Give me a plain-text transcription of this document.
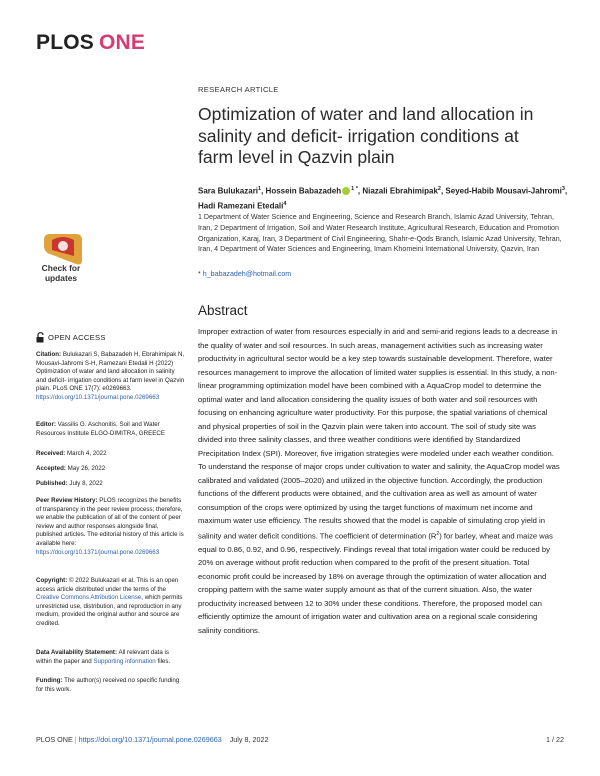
PLOS ONE
RESEARCH ARTICLE
Optimization of water and land allocation in salinity and deficit- irrigation conditions at farm level in Qazvin plain
Sara Bulukazari$^1$, Hossein Babazadeh $^{1 *}$, Niazali Ebrahimipak$^2$, Seyed-Habib Mousavi-Jahromi$^3$, Hadi Ramezani Etedali$^4$
1 Department of Water Science and Engineering, Science and Research Branch, Islamic Azad University, Tehran, Iran, 2 Department of Irrigation, Soil and Water Research Institute, Agricultural Research, Education and Promotion Organization, Karaj, Iran, 3 Department of Civil Engineering, Shahr-e-Qods Branch, Islamic Azad University, Tehran, Iran, 4 Department of Water Sciences and Engineering, Imam Khomeini International University, Qazvin, Iran
* h_babazadeh@hotmail.com
Check for
updates
OPEN ACCESS
Citation: Bulukazari S, Babazadeh H, Ebrahimipak N, Mousavi-Jahromi S-H, Ramezani Etedali H (2022) Optimization of water and land allocation in salinity and deficit- irrigation conditions at farm level in Qazvin plain. PLoS ONE 17(7): e0269663.
https://doi.org/10.1371/journal.pone.0269663
Editor: Vassilis G. Aschonitis, Soil and Water Resources Institute ELGO-DIMITRA, GREECE
Received: March 4, 2022
Accepted: May 26, 2022
Published: July 8, 2022
Peer Review History: PLOS recognizes the benefits of transparency in the peer review process; therefore, we enable the publication of all of the content of peer review and author responses alongside final, published articles. The editorial history of this article is available here:
https://doi.org/10.1371/journal.pone.0269663
Copyright: © 2022 Bulukazari et al. This is an open access article distributed under the terms of the Creative Commons Attribution License, which permits unrestricted use, distribution, and reproduction in any medium, provided the original author and source are credited.
Data Availability Statement: All relevant data is within the paper and Supporting information files.
Funding: The author(s) received no specific funding for this work.
Abstract
Improper extraction of water from resources especially in arid and semi-arid regions leads to a decrease in the quality of water and soil resources. In such areas, management activities such as increasing water productivity in agricultural sector would be a key step towards sustainable development. Therefore, water resources management to improve the allocation of limited water supplies is essential. In this study, a non-linear programming optimization model have been combined with a AquaCrop model to determine the optimal water and land allocation considering the quality issues of both water and soil resources with focusing on enhancing agriculture water productivity. For this purpose, the spatial variations of chemical and physical properties of soil in the Qazvin plain were taken into account. The soil of study site was divided into three salinity classes, and three weather conditions were identified by Standardized Precipitation Index (SPI). Moreover, five irrigation strategies were modeled under each weather condition. To understand the response of major crops under cultivation to water and salinity, the AquaCrop model was calibrated and validated (2005–2020) and utilized in the objective function. Accordingly, the production functions of the different products were obtained, and the cultivation area as well as amount of water consumption of the crops were optimized by using the target functions of maximum net income and maximum water use efficiency. The results showed that the model is capable of simulating crop yield in salinity and water deficit conditions. The coefficient of determination $(R^2)$ for barley, wheat and maize was equal to 0.86, 0.92, and 0.96, respectively. Findings reveal that total irrigation water could be reduced by 20% on average without profit reduction when compared to the profit of the present situation. Total economic profit could be increased by 18% on average through the optimization of water allocation and cropping pattern with the same water supply amount as that of the current situation. Also, the water productivity increased between 12 to 30% under these conditions. Therefore, the proposed model can efficiently optimize the amount of irrigation water and cultivation area on a regional scale considering salinity conditions.
PLOS ONE | https://doi.org/10.1371/journal.pone.0269663 July 8, 2022	1 / 22
